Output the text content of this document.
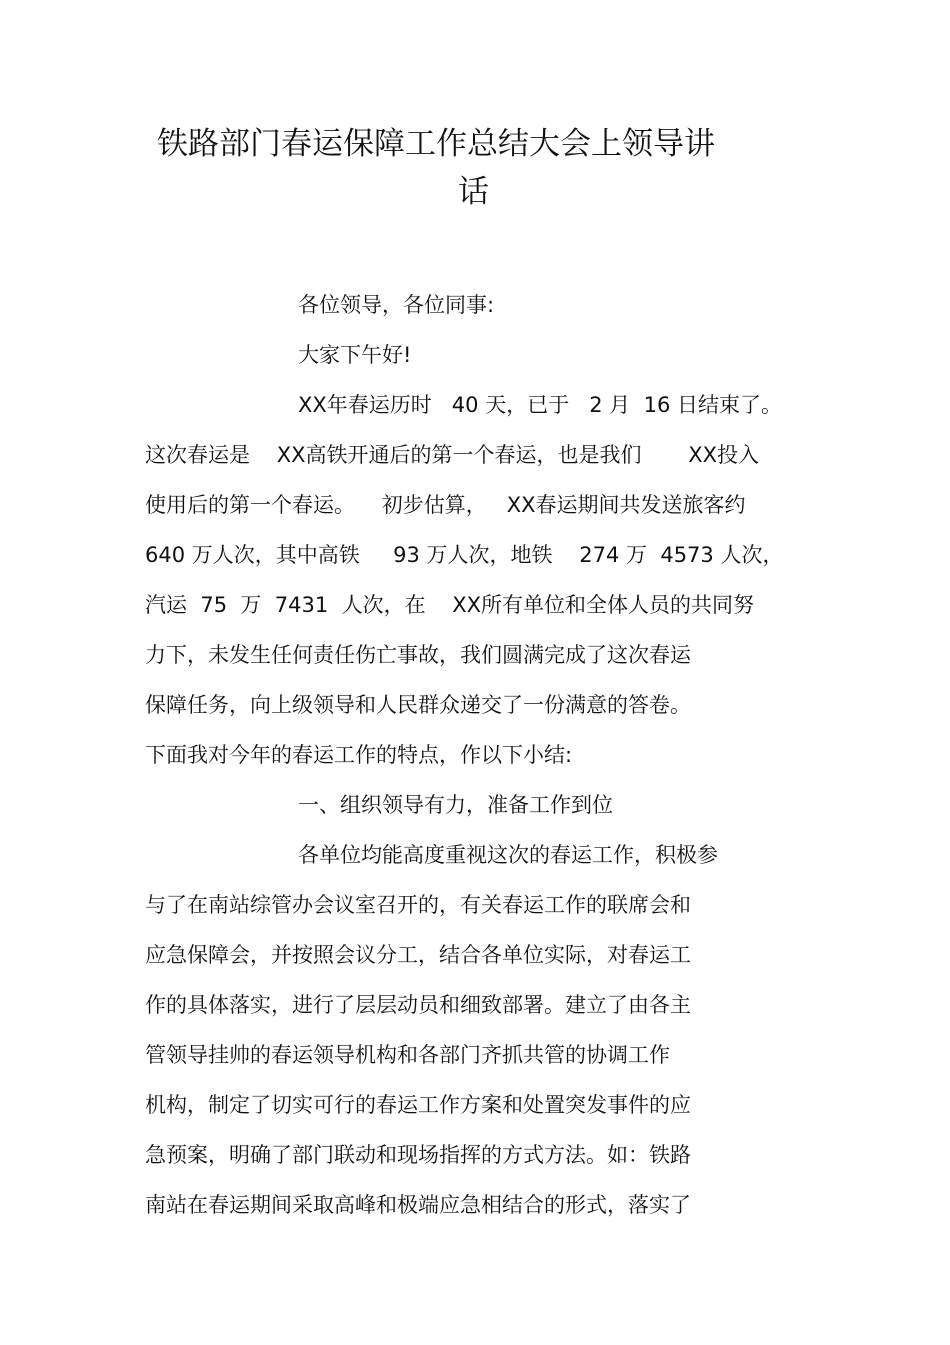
铁路部门春运保障工作总结大会上领导讲
话
各位领导，各位同事:
大家下午好!
XX年春运历时   40 天，已于   2 月  16 日结束了。
这次春运是    XX高铁开通后的第一个春运，也是我们       XX投入
使用后的第一个春运。    初步估算，   XX春运期间共发送旅客约
640 万人次，其中高铁     93 万人次，地铁    274 万  4573 人次，
汽运  75  万  7431  人次，在    XX所有单位和全体人员的共同努
力下，未发生任何责任伤亡事故，我们圆满完成了这次春运
保障任务，向上级领导和人民群众递交了一份满意的答卷。
下面我对今年的春运工作的特点，作以下小结:
一、组织领导有力，准备工作到位
各单位均能高度重视这次的春运工作，积极参
与了在南站综管办会议室召开的，有关春运工作的联席会和
应急保障会，并按照会议分工，结合各单位实际，对春运工
作的具体落实，进行了层层动员和细致部署。建立了由各主
管领导挂帅的春运领导机构和各部门齐抓共管的协调工作
机构，制定了切实可行的春运工作方案和处置突发事件的应
急预案，明确了部门联动和现场指挥的方式方法。如：铁路
南站在春运期间采取高峰和极端应急相结合的形式，落实了
